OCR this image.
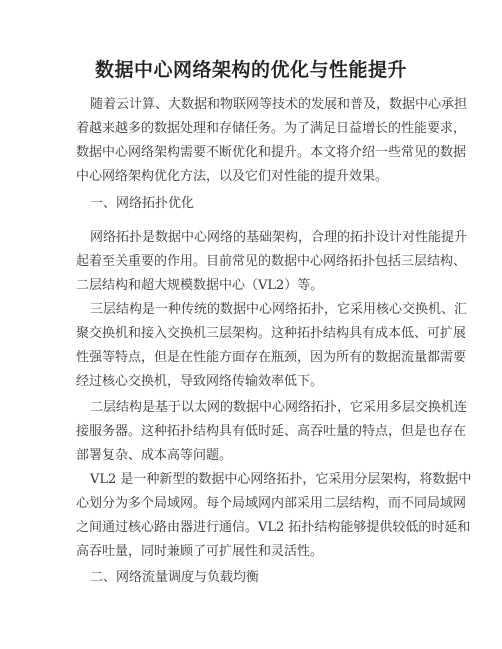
数据中心网络架构的优化与性能提升
随着云计算、大数据和物联网等技术的发展和普及，数据中心承担
着越来越多的数据处理和存储任务。为了满足日益增长的性能要求，
数据中心网络架构需要不断优化和提升。本文将介绍一些常见的数据
中心网络架构优化方法，以及它们对性能的提升效果。
一、网络拓扑优化
网络拓扑是数据中心网络的基础架构，合理的拓扑设计对性能提升
起着至关重要的作用。目前常见的数据中心网络拓扑包括三层结构、
二层结构和超大规模数据中心（VL2）等。
三层结构是一种传统的数据中心网络拓扑，它采用核心交换机、汇
聚交换机和接入交换机三层架构。这种拓扑结构具有成本低、可扩展
性强等特点，但是在性能方面存在瓶颈，因为所有的数据流量都需要
经过核心交换机，导致网络传输效率低下。
二层结构是基于以太网的数据中心网络拓扑，它采用多层交换机连
接服务器。这种拓扑结构具有低时延、高吞吐量的特点，但是也存在
部署复杂、成本高等问题。
VL2 是一种新型的数据中心网络拓扑，它采用分层架构，将数据中
心划分为多个局域网。每个局域网内部采用二层结构，而不同局域网
之间通过核心路由器进行通信。VL2 拓扑结构能够提供较低的时延和
高吞吐量，同时兼顾了可扩展性和灵活性。
二、网络流量调度与负载均衡
